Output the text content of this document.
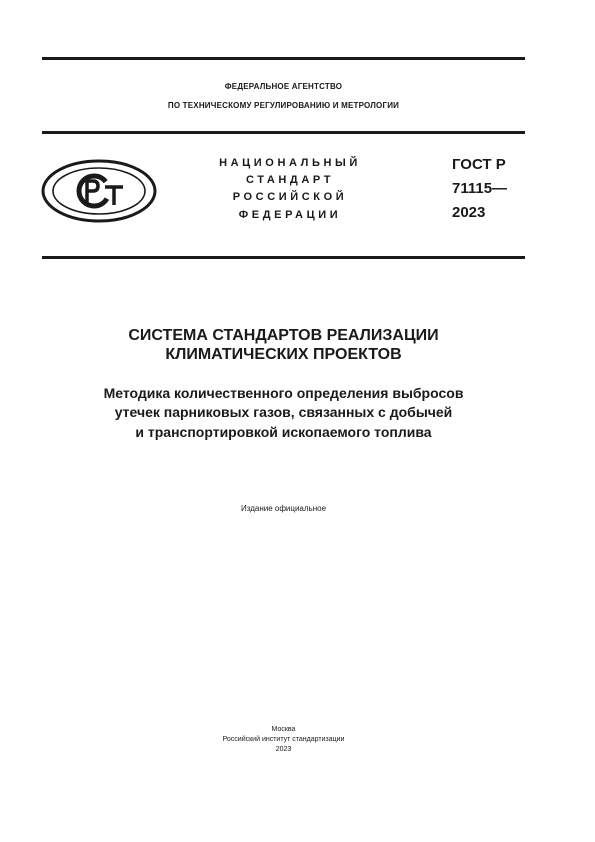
ФЕДЕРАЛЬНОЕ АГЕНТСТВО
ПО ТЕХНИЧЕСКОМУ РЕГУЛИРОВАНИЮ И МЕТРОЛОГИИ
НАЦИОНАЛЬНЫЙ
СТАНДАРТ
РОССИЙСКОЙ
ФЕДЕРАЦИИ
ГОСТ Р
71115—
2023
СИСТЕМА СТАНДАРТОВ РЕАЛИЗАЦИИ
КЛИМАТИЧЕСКИХ ПРОЕКТОВ
Методика количественного определения выбросов
утечек парниковых газов, связанных с добычей
и транспортировкой ископаемого топлива
Издание официальное
Москва
Российский институт стандартизации
2023
